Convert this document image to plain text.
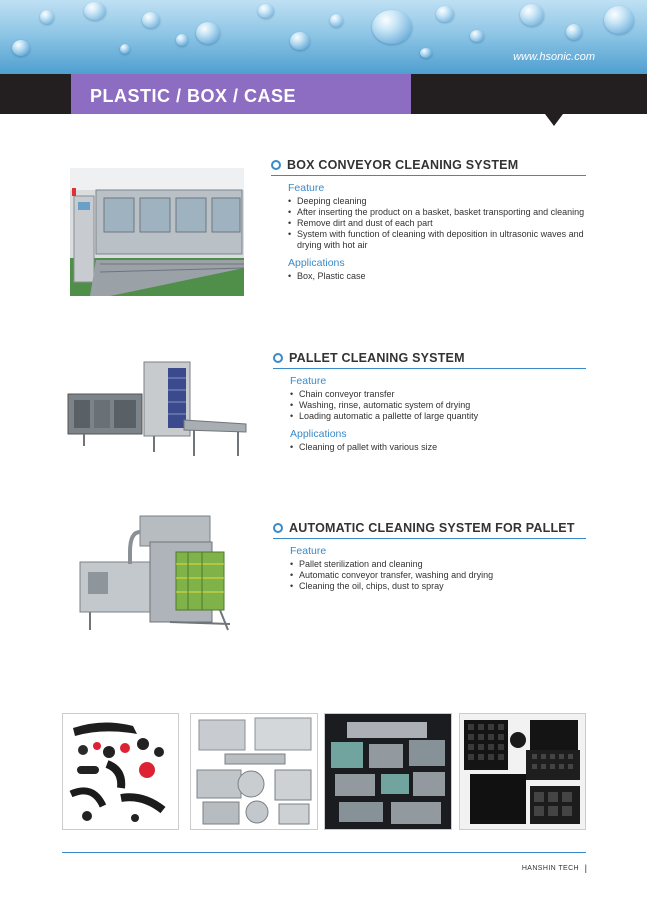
www.hsonic.com
PLASTIC / BOX / CASE
BOX CONVEYOR CLEANING SYSTEM
Feature
• Deeping cleaning
• After inserting the product on a basket, basket transporting and cleaning
• Remove dirt and dust of each part
• System with function of cleaning with deposition in ultrasonic waves and drying with hot air
Applications
• Box, Plastic case
PALLET CLEANING SYSTEM
Feature
• Chain conveyor transfer
• Washing, rinse, automatic system of drying
• Loading automatic a pallette of large quantity
Applications
• Cleaning of pallet with various size
AUTOMATIC CLEANING SYSTEM FOR PALLET
Feature
• Pallet sterilization and cleaning
• Automatic conveyor transfer, washing and drying
• Cleaning the oil, chips, dust to spray
HANSHIN TECH |
